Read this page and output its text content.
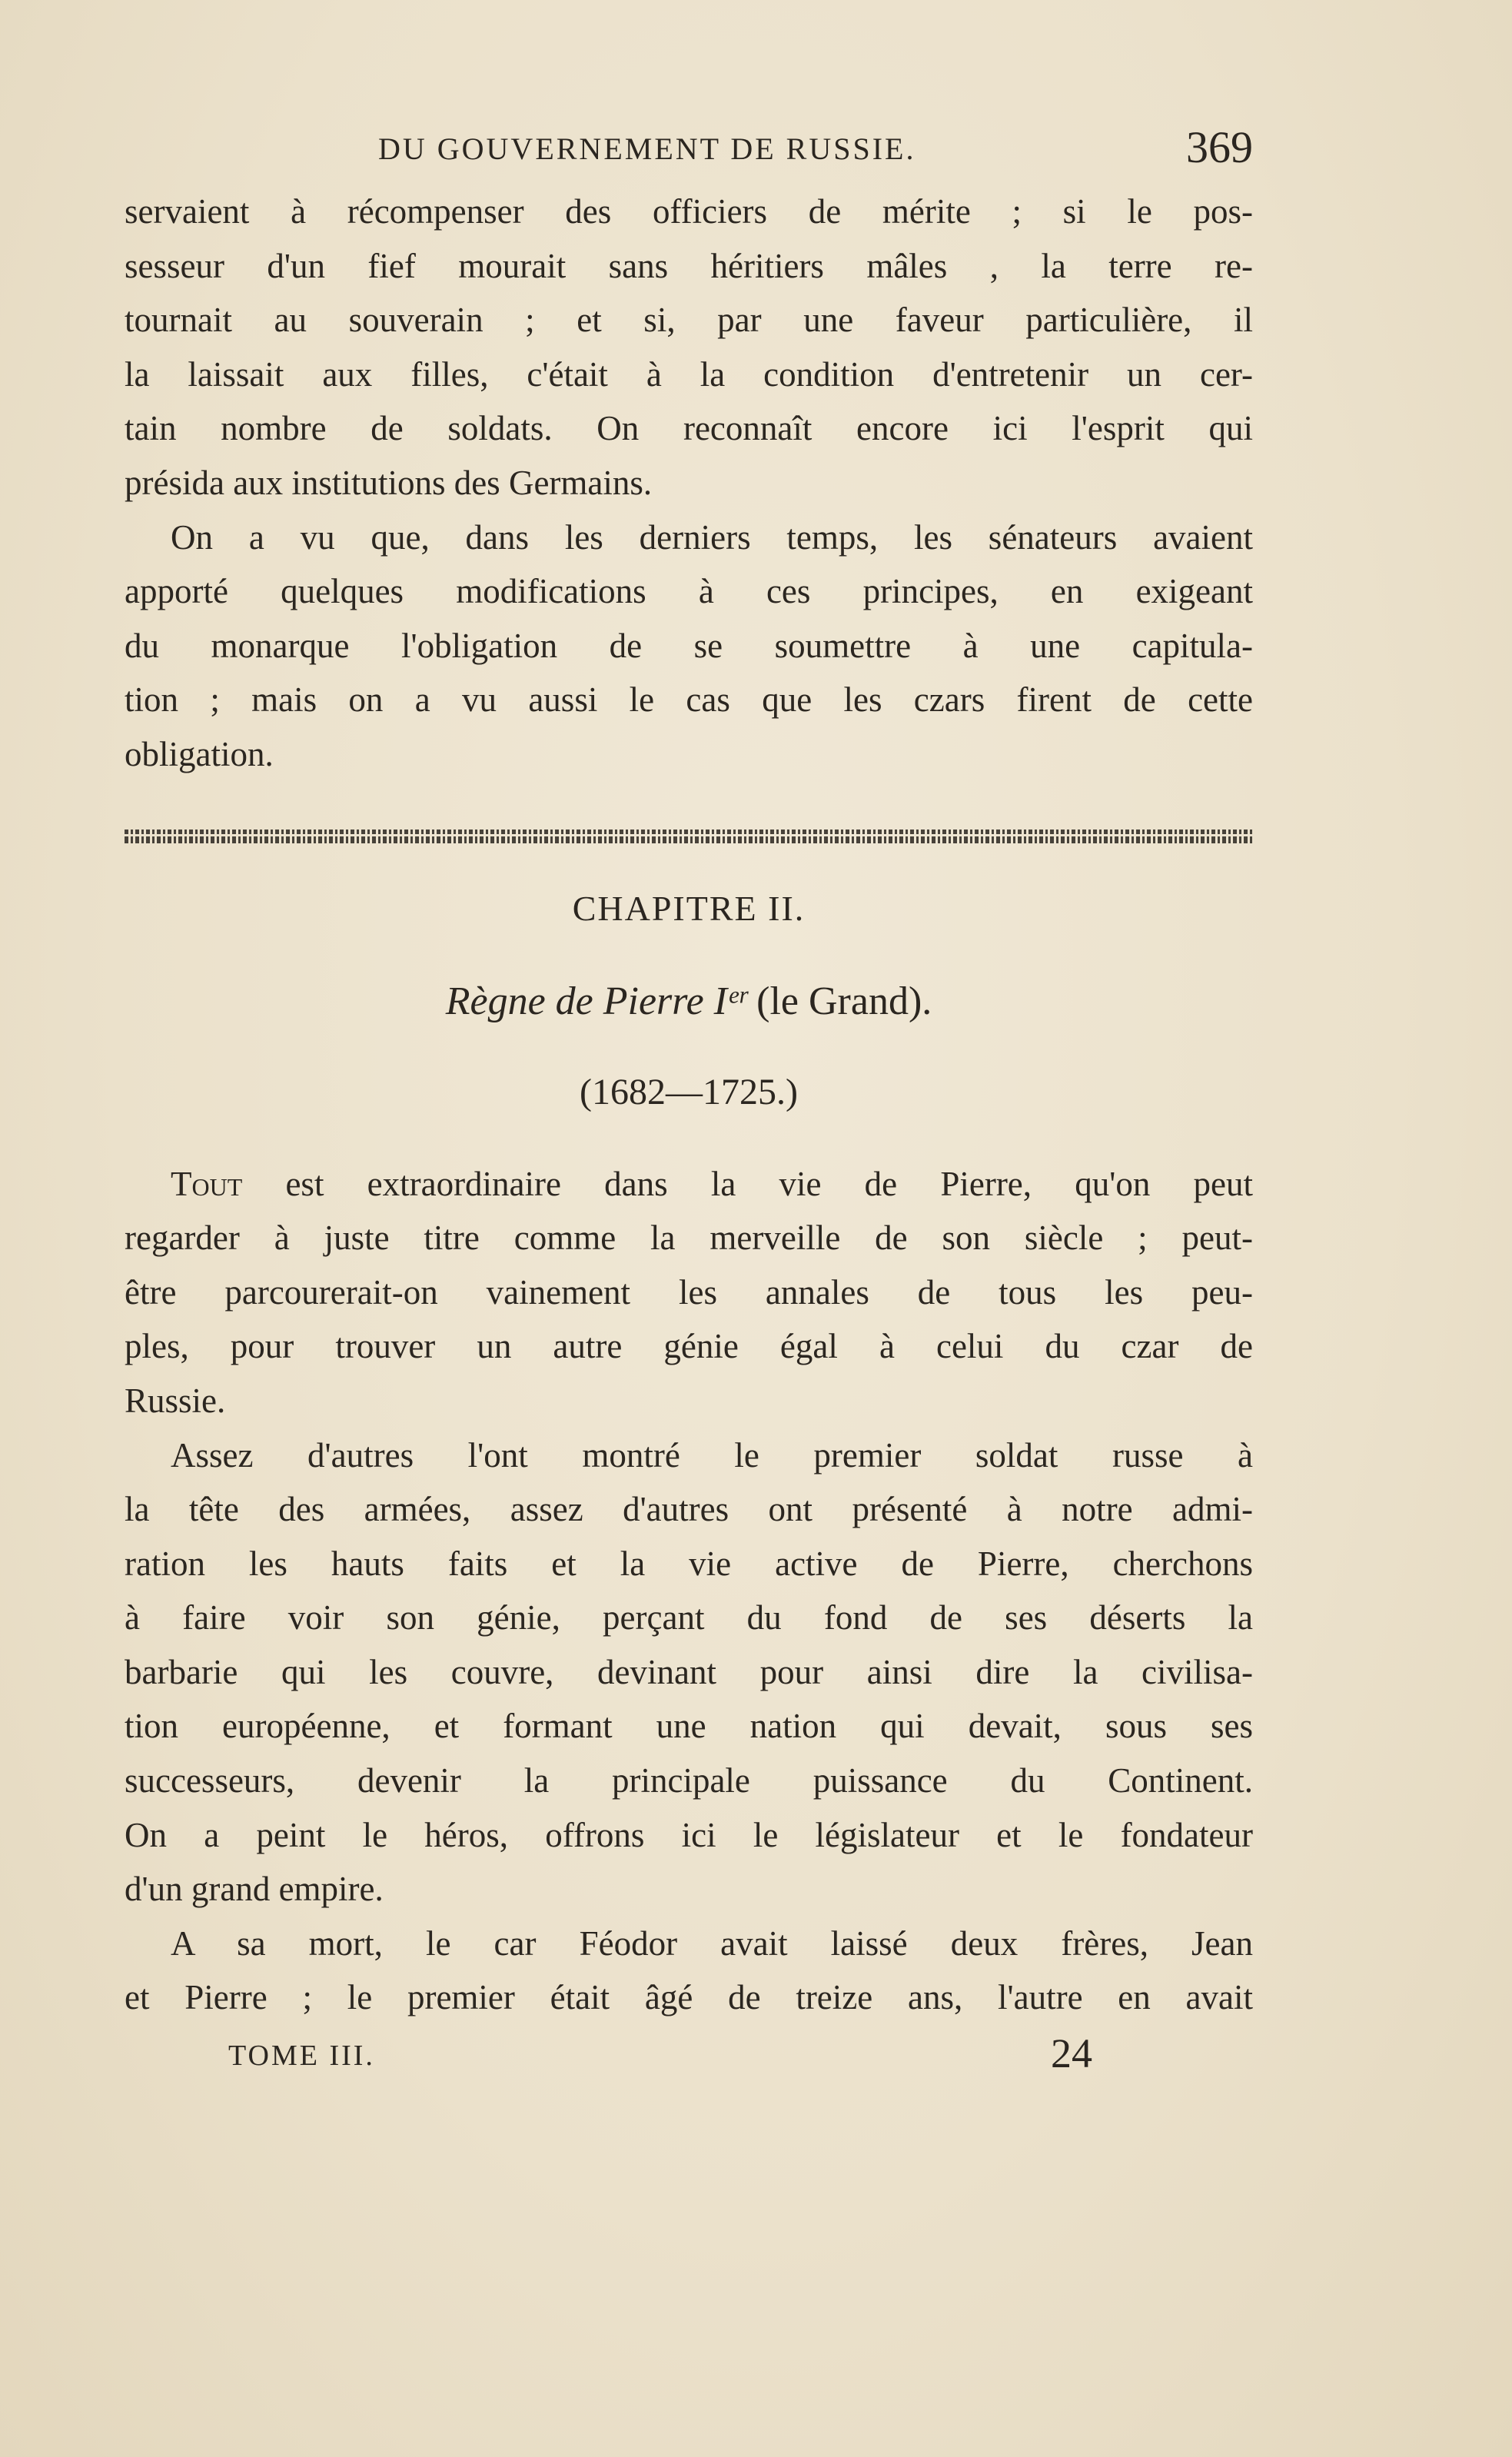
DU GOUVERNEMENT DE RUSSIE.	369

servaient à récompenser des officiers de mérite ; si le pos-
sesseur d'un fief mourait sans héritiers mâles , la terre re-
tournait au souverain ; et si, par une faveur particulière, il
la laissait aux filles, c'était à la condition d'entretenir un cer-
tain nombre de soldats. On reconnaît encore ici l'esprit qui
présida aux institutions des Germains.

On a vu que, dans les derniers temps, les sénateurs avaient
apporté quelques modifications à ces principes, en exigeant
du monarque l'obligation de se soumettre à une capitula-
tion ; mais on a vu aussi le cas que les czars firent de cette
obligation.

CHAPITRE II.
Règne de Pierre Iᵉʳ (le Grand).
(1682—1725.)

Tout est extraordinaire dans la vie de Pierre, qu'on peut
regarder à juste titre comme la merveille de son siècle ; peut-
être parcourerait-on vainement les annales de tous les peu-
ples, pour trouver un autre génie égal à celui du czar de
Russie.

Assez d'autres l'ont montré le premier soldat russe à
la tête des armées, assez d'autres ont présenté à notre admi-
ration les hauts faits et la vie active de Pierre, cherchons
à faire voir son génie, perçant du fond de ses déserts la
barbarie qui les couvre, devinant pour ainsi dire la civilisa-
tion européenne, et formant une nation qui devait, sous ses
successeurs, devenir la principale puissance du Continent.
On a peint le héros, offrons ici le législateur et le fondateur
d'un grand empire.

A sa mort, le car Féodor avait laissé deux frères, Jean
et Pierre ; le premier était âgé de treize ans, l'autre en avait

TOME III.	24
